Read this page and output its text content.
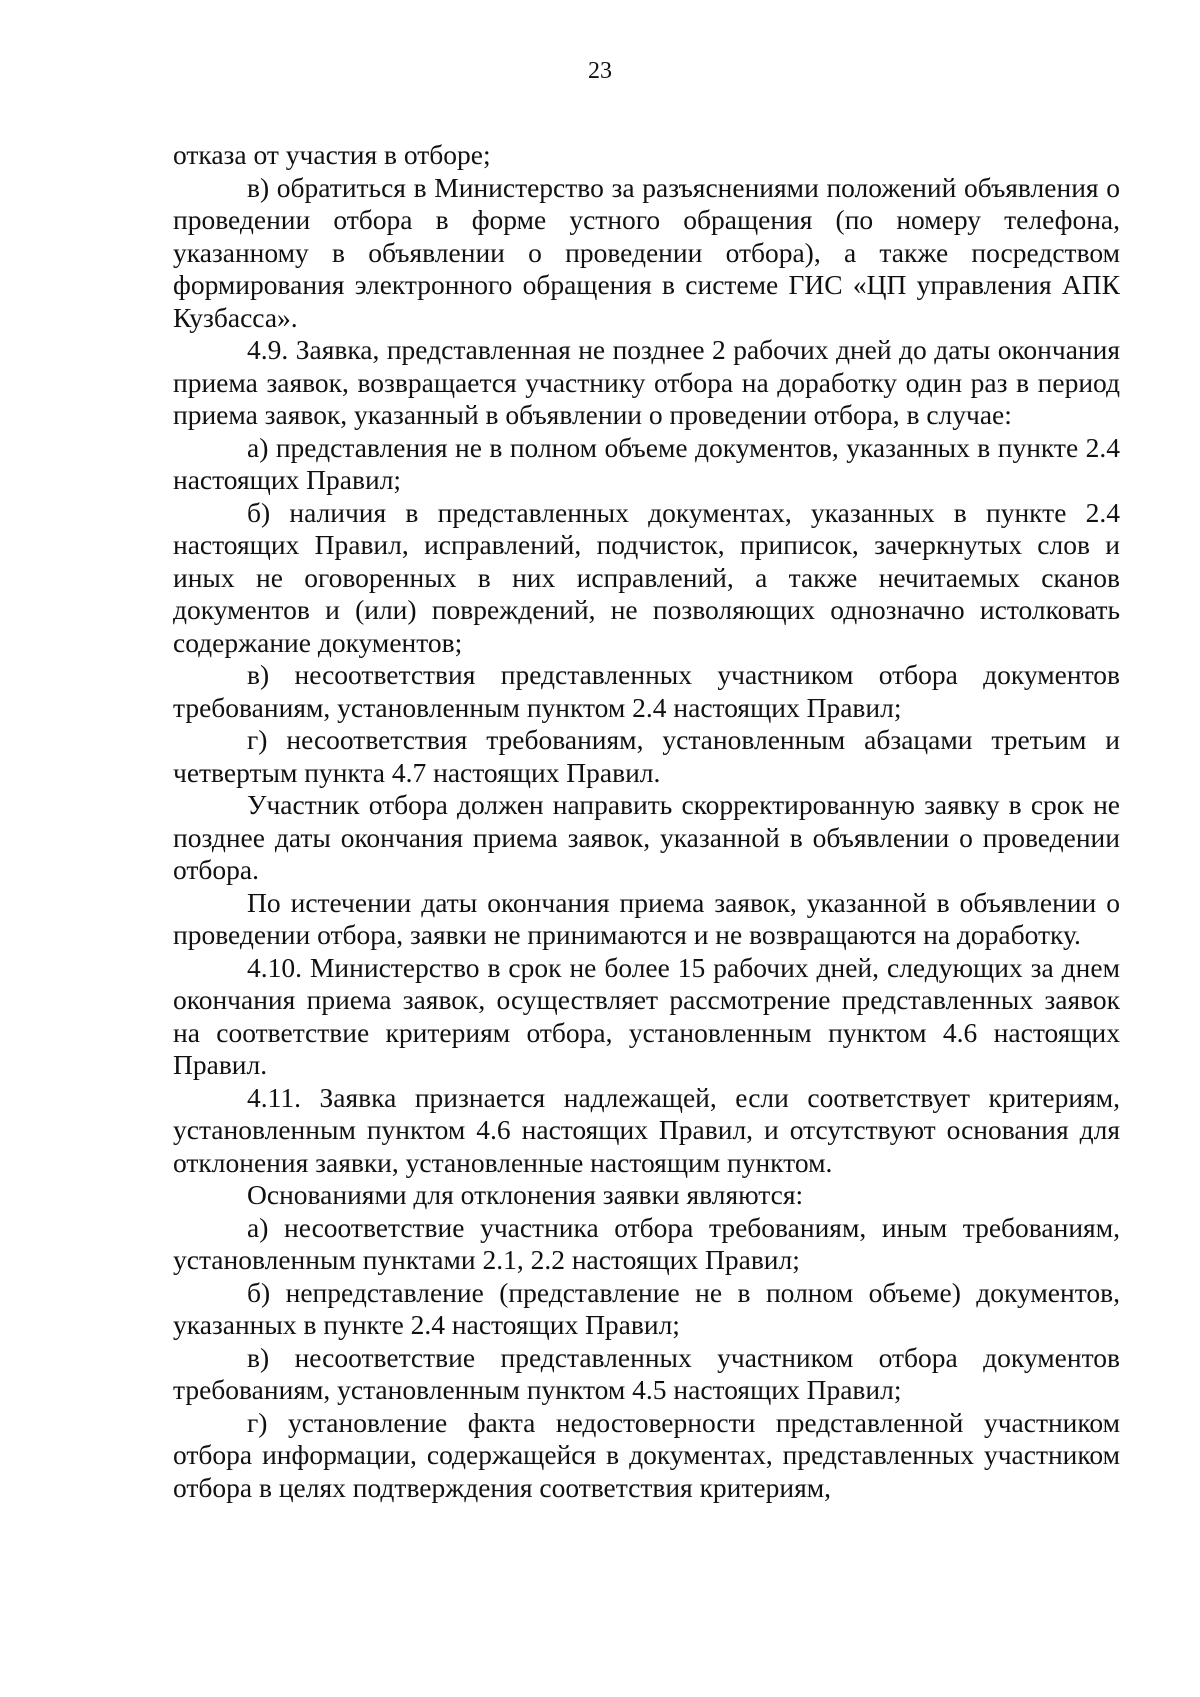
23

отказа от участия в отборе;

в) обратиться в Министерство за разъяснениями положений объявления о проведении отбора в форме устного обращения (по номеру телефона, указанному в объявлении о проведении отбора), а также посредством формирования электронного обращения в системе ГИС «ЦП управления АПК Кузбасса».

4.9. Заявка, представленная не позднее 2 рабочих дней до даты окончания приема заявок, возвращается участнику отбора на доработку один раз в период приема заявок, указанный в объявлении о проведении отбора, в случае:

а) представления не в полном объеме документов, указанных в пункте 2.4 настоящих Правил;

б) наличия в представленных документах, указанных в пункте 2.4 настоящих Правил, исправлений, подчисток, приписок, зачеркнутых слов и иных не оговоренных в них исправлений, а также нечитаемых сканов документов и (или) повреждений, не позволяющих однозначно истолковать содержание документов;

в) несоответствия представленных участником отбора документов требованиям, установленным пунктом 2.4 настоящих Правил;

г) несоответствия требованиям, установленным абзацами третьим и четвертым пункта 4.7 настоящих Правил.

Участник отбора должен направить скорректированную заявку в срок не позднее даты окончания приема заявок, указанной в объявлении о проведении отбора.

По истечении даты окончания приема заявок, указанной в объявлении о проведении отбора, заявки не принимаются и не возвращаются на доработку.

4.10. Министерство в срок не более 15 рабочих дней, следующих за днем окончания приема заявок, осуществляет рассмотрение представленных заявок на соответствие критериям отбора, установленным пунктом 4.6 настоящих Правил.

4.11. Заявка признается надлежащей, если соответствует критериям, установленным пунктом 4.6 настоящих Правил, и отсутствуют основания для отклонения заявки, установленные настоящим пунктом.

Основаниями для отклонения заявки являются:

а) несоответствие участника отбора требованиям, иным требованиям, установленным пунктами 2.1, 2.2 настоящих Правил;

б) непредставление (представление не в полном объеме) документов, указанных в пункте 2.4 настоящих Правил;

в) несоответствие представленных участником отбора документов требованиям, установленным пунктом 4.5 настоящих Правил;

г) установление факта недостоверности представленной участником отбора информации, содержащейся в документах, представленных участником отбора в целях подтверждения соответствия критериям,
